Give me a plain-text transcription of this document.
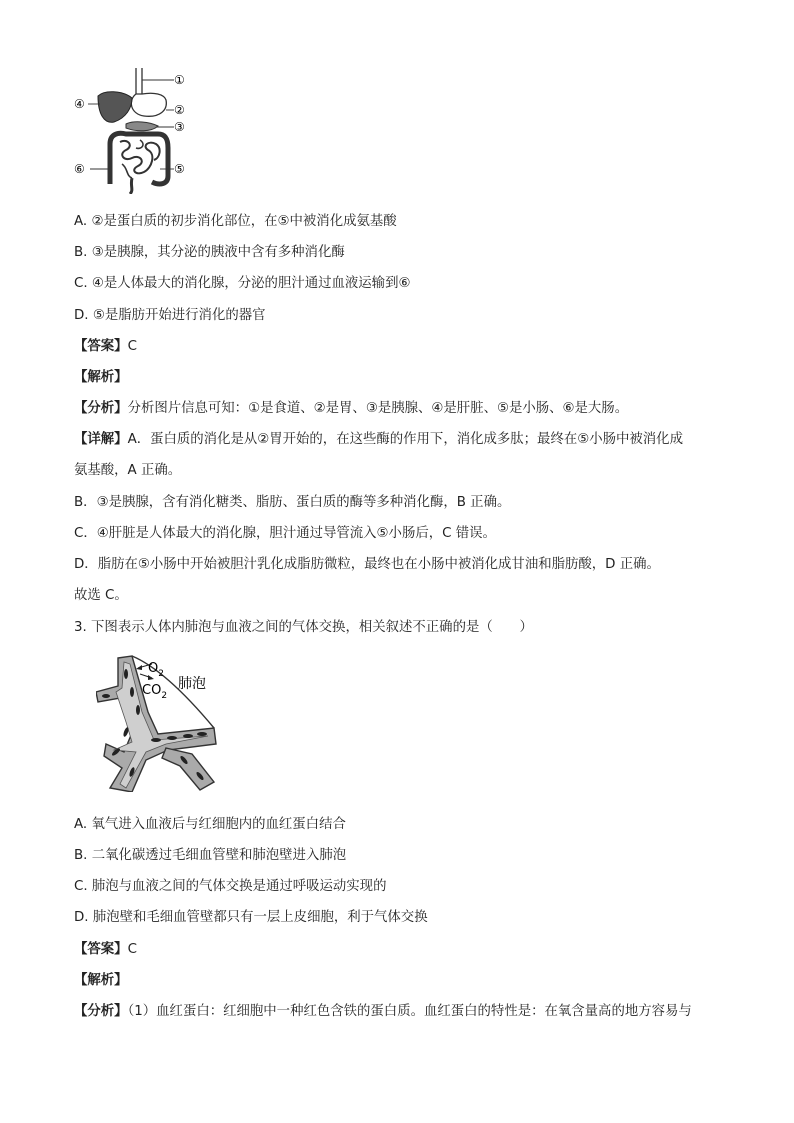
①
②
③
④
⑤
⑥
A. ②是蛋白质的初步消化部位，在⑤中被消化成氨基酸
B. ③是胰腺，其分泌的胰液中含有多种消化酶
C. ④是人体最大的消化腺，分泌的胆汁通过血液运输到⑥
D. ⑤是脂肪开始进行消化的器官
【答案】C
【解析】
【分析】分析图片信息可知：①是食道、②是胃、③是胰腺、④是肝脏、⑤是小肠、⑥是大肠。
【详解】A．蛋白质的消化是从②胃开始的，在这些酶的作用下，消化成多肽；最终在⑤小肠中被消化成
氨基酸，A 正确。
B．③是胰腺，含有消化糖类、脂肪、蛋白质的酶等多种消化酶，B 正确。
C．④肝脏是人体最大的消化腺，胆汁通过导管流入⑤小肠后，C 错误。
D．脂肪在⑤小肠中开始被胆汁乳化成脂肪微粒，最终也在小肠中被消化成甘油和脂肪酸，D 正确。
故选 C。
3. 下图表示人体内肺泡与血液之间的气体交换，相关叙述不正确的是（　　）
$O_2$
$CO_2$
肺泡
A. 氧气进入血液后与红细胞内的血红蛋白结合
B. 二氧化碳透过毛细血管壁和肺泡壁进入肺泡
C. 肺泡与血液之间的气体交换是通过呼吸运动实现的
D. 肺泡壁和毛细血管壁都只有一层上皮细胞，利于气体交换
【答案】C
【解析】
【分析】（1）血红蛋白：红细胞中一种红色含铁的蛋白质。血红蛋白的特性是：在氧含量高的地方容易与
